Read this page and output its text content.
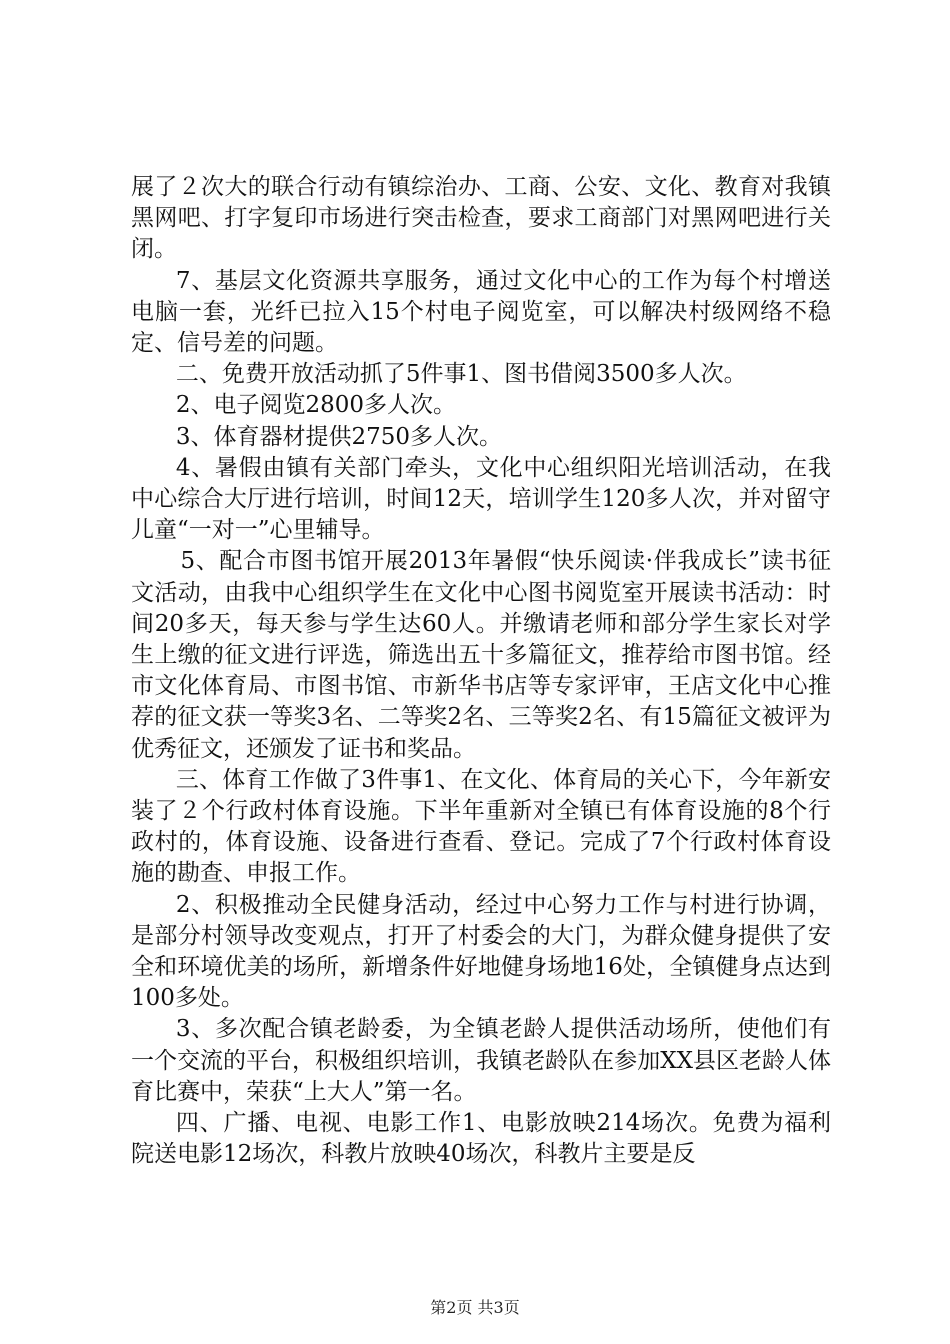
展了２次大的联合行动有镇综治办、工商、公安、文化、教育对我镇黑网吧、打字复印市场进行突击检查，要求工商部门对黑网吧进行关闭。

7、基层文化资源共享服务，通过文化中心的工作为每个村增送电脑一套，光纤已拉入15个村电子阅览室，可以解决村级网络不稳定、信号差的问题。

二、免费开放活动抓了5件事1、图书借阅3500多人次。

2、电子阅览2800多人次。

3、体育器材提供2750多人次。

4、暑假由镇有关部门牵头，文化中心组织阳光培训活动，在我中心综合大厅进行培训，时间12天，培训学生120多人次，并对留守儿童“一对一”心里辅导。

5、配合市图书馆开展2013年暑假“快乐阅读·伴我成长”读书征文活动，由我中心组织学生在文化中心图书阅览室开展读书活动：时间20多天，每天参与学生达60人。并缴请老师和部分学生家长对学生上缴的征文进行评选，筛选出五十多篇征文，推荐给市图书馆。经市文化体育局、市图书馆、市新华书店等专家评审，王店文化中心推荐的征文获一等奖3名、二等奖2名、三等奖2名、有15篇征文被评为优秀征文，还颁发了证书和奖品。

三、体育工作做了3件事1、在文化、体育局的关心下，今年新安装了２个行政村体育设施。下半年重新对全镇已有体育设施的8个行政村的，体育设施、设备进行查看、登记。完成了7个行政村体育设施的勘查、申报工作。

2、积极推动全民健身活动，经过中心努力工作与村进行协调，是部分村领导改变观点，打开了村委会的大门，为群众健身提供了安全和环境优美的场所，新增条件好地健身场地16处，全镇健身点达到100多处。

3、多次配合镇老龄委，为全镇老龄人提供活动场所，使他们有一个交流的平台，积极组织培训，我镇老龄队在参加XX县区老龄人体育比赛中，荣获“上大人”第一名。

四、广播、电视、电影工作1、电影放映214场次。免费为福利院送电影12场次，科教片放映40场次，科教片主要是反

第2页 共3页
